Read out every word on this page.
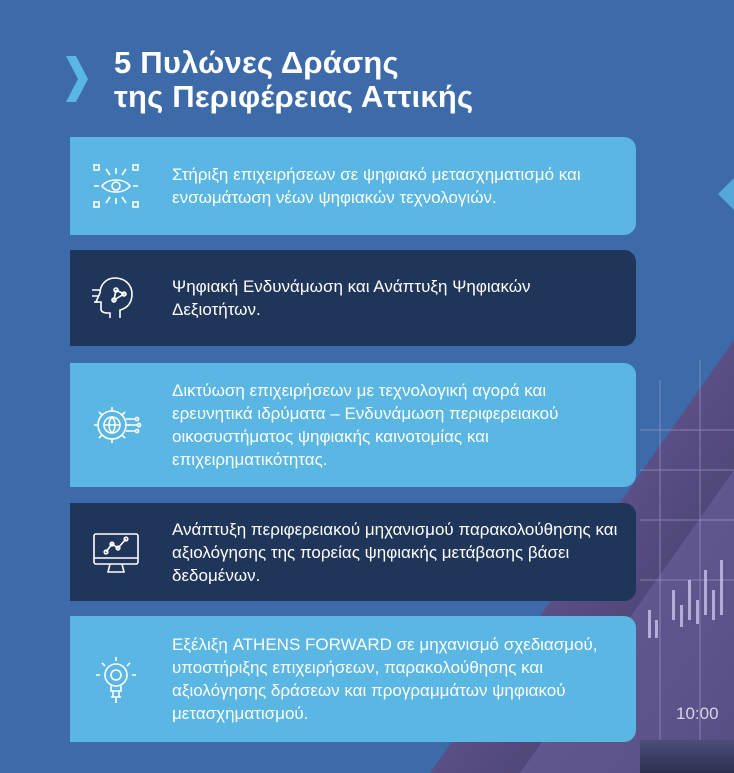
5 Πυλώνες Δράσης
της Περιφέρειας Αττικής
Στήριξη επιχειρήσεων σε ψηφιακό μετασχηματισμό και ενσωμάτωση νέων ψηφιακών τεχνολογιών.
Ψηφιακή Ενδυνάμωση και Ανάπτυξη Ψηφιακών Δεξιοτήτων.
Δικτύωση επιχειρήσεων με τεχνολογική αγορά και ερευνητικά ιδρύματα – Ενδυνάμωση περιφερειακού οικοσυστήματος ψηφιακής καινοτομίας και επιχειρηματικότητας.
Ανάπτυξη περιφερειακού μηχανισμού παρακολούθησης και αξιολόγησης της πορείας ψηφιακής μετάβασης βάσει δεδομένων.
Εξέλιξη ATHENS FORWARD σε μηχανισμό σχεδιασμού, υποστήριξης επιχειρήσεων, παρακολούθησης και αξιολόγησης δράσεων και προγραμμάτων ψηφιακού μετασχηματισμού.	10:00
